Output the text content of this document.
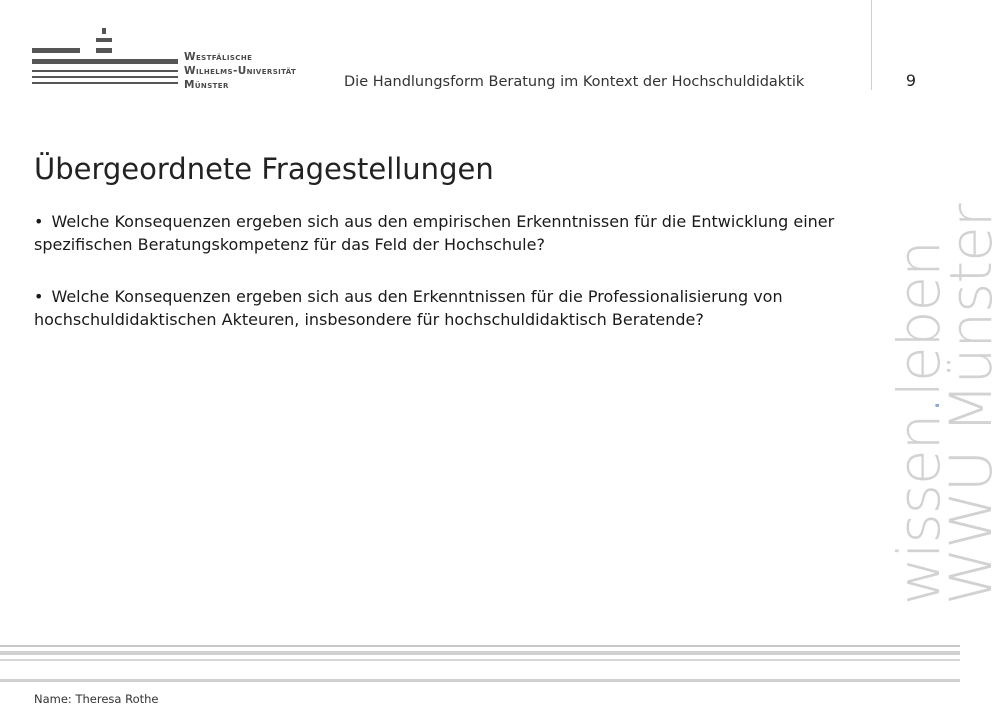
Westfälische
Wilhelms-Universität
Münster	Die Handlungsform Beratung im Kontext der Hochschuldidaktik	9
Übergeordnete Fragestellungen

• Welche Konsequenzen ergeben sich aus den empirischen Erkenntnissen für die Entwicklung einer spezifischen Beratungskompetenz für das Feld der Hochschule?

• Welche Konsequenzen ergeben sich aus den Erkenntnissen für die Professionalisierung von hochschuldidaktischen Akteuren, insbesondere für hochschuldidaktisch Beratende?

wissen.leben
WWU Münster
Name: Theresa Rothe
